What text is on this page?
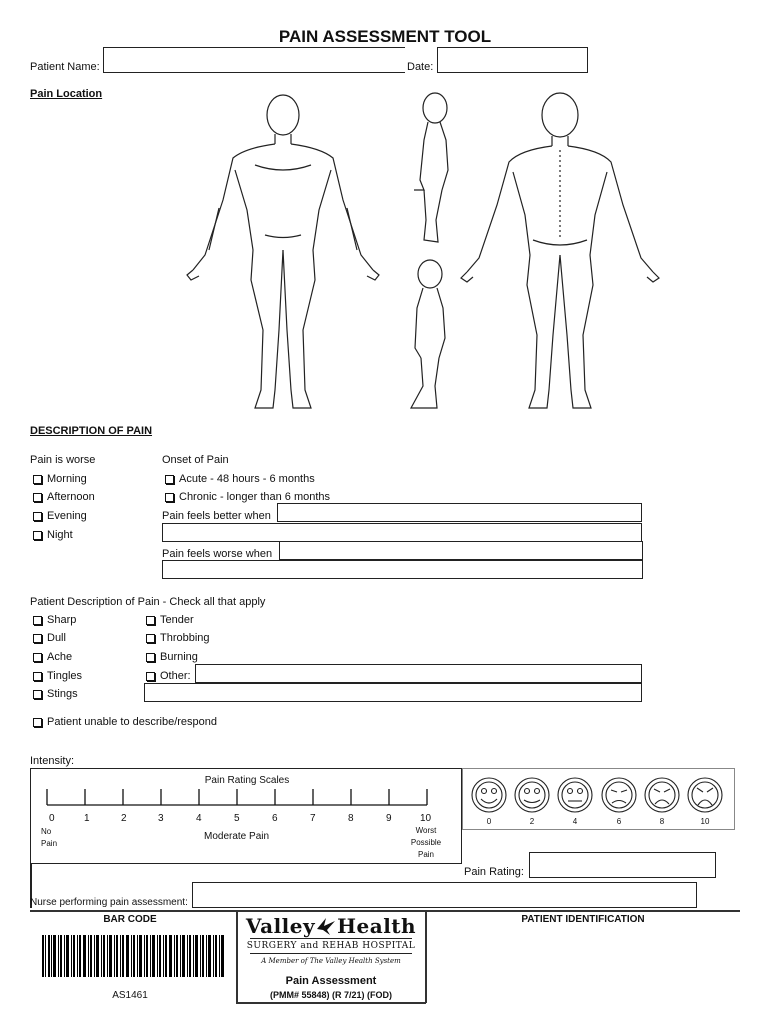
PAIN ASSESSMENT TOOL
Patient Name:	Date:
Pain Location
DESCRIPTION OF PAIN
Pain is worse
Morning
Afternoon
Evening
Night
Onset of Pain
Acute - 48 hours - 6 months
Chronic - longer than 6 months
Pain feels better when
Pain feels worse when
Patient Description of Pain - Check all that apply
Sharp
Dull
Ache
Tingles
Stings
Tender
Throbbing
Burning
Other:
Patient unable to describe/respond
Intensity:
Pain Rating Scales
0	1	2	3	4	5	6	7	8	9	10
No
Pain
Moderate Pain
Worst
Possible
Pain
0	2	4	6	8	10
Pain Rating:
Nurse performing pain assessment:
BAR CODE
AS1461
Valley Health
SURGERY and REHAB HOSPITAL
A Member of The Valley Health System
Pain Assessment
(PMM# 55848) (R 7/21) (FOD)
PATIENT IDENTIFICATION
